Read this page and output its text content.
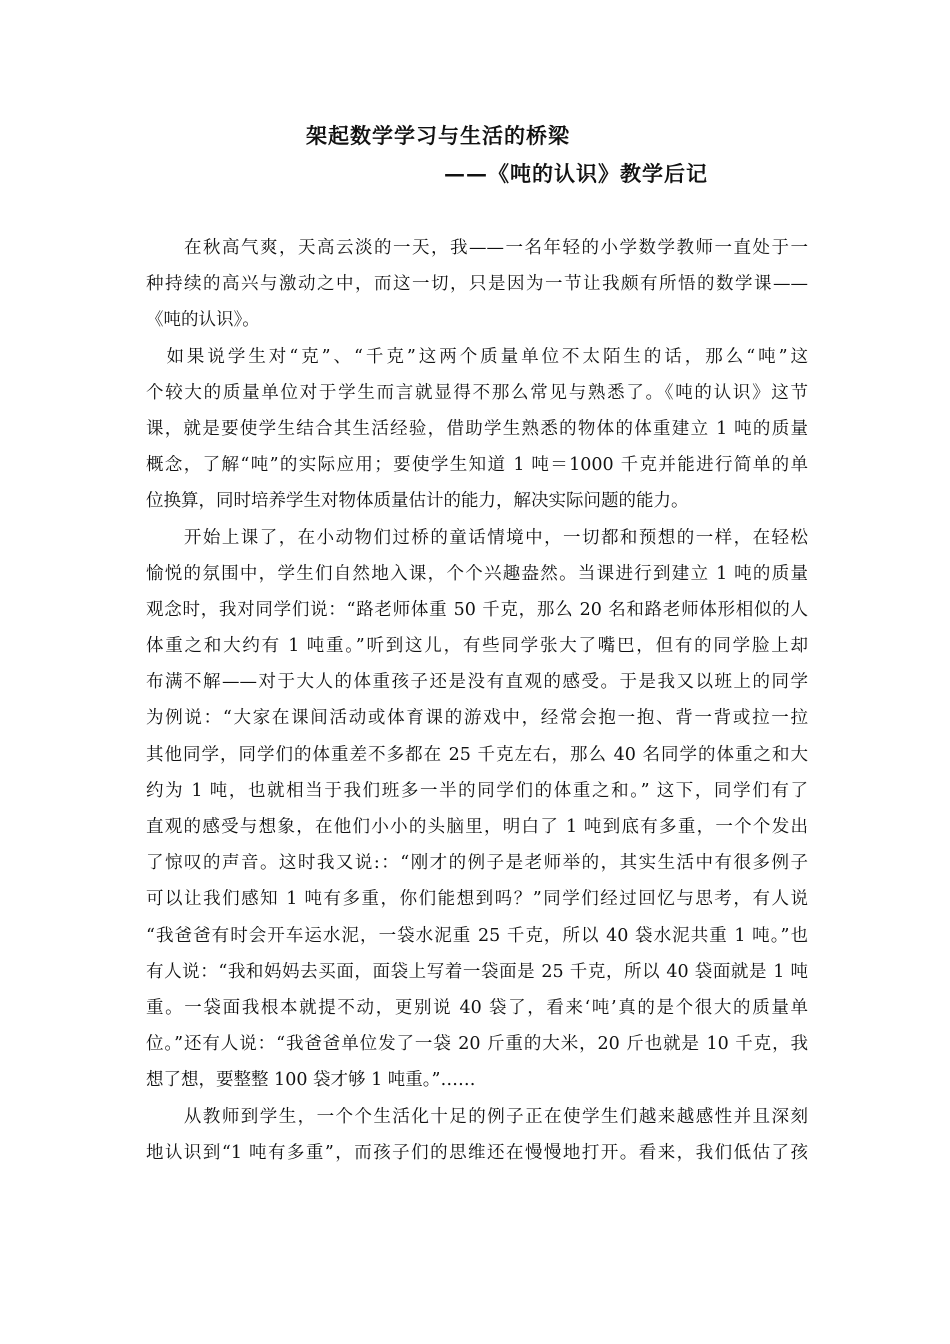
架起数学学习与生活的桥梁
——《吨的认识》教学后记
　　在秋高气爽，天高云淡的一天，我——一名年轻的小学数学教师一直处于一
种持续的高兴与激动之中，而这一切，只是因为一节让我颇有所悟的数学课——
《吨的认识》。
　如果说学生对“克”、“千克”这两个质量单位不太陌生的话，那么“吨”这
个较大的质量单位对于学生而言就显得不那么常见与熟悉了。《吨的认识》这节
课，就是要使学生结合其生活经验，借助学生熟悉的物体的体重建立 1 吨的质量
概念，了解“吨”的实际应用；要使学生知道 1 吨＝1000 千克并能进行简单的单
位换算，同时培养学生对物体质量估计的能力，解决实际问题的能力。
　　开始上课了，在小动物们过桥的童话情境中，一切都和预想的一样，在轻松
愉悦的氛围中，学生们自然地入课，个个兴趣盎然。当课进行到建立 1 吨的质量
观念时，我对同学们说：“路老师体重 50 千克，那么 20 名和路老师体形相似的人
体重之和大约有 1 吨重。”听到这儿，有些同学张大了嘴巴，但有的同学脸上却
布满不解——对于大人的体重孩子还是没有直观的感受。于是我又以班上的同学
为例说：“大家在课间活动或体育课的游戏中，经常会抱一抱、背一背或拉一拉
其他同学，同学们的体重差不多都在 25 千克左右，那么 40 名同学的体重之和大
约为 1 吨，也就相当于我们班多一半的同学们的体重之和。” 这下，同学们有了
直观的感受与想象，在他们小小的头脑里，明白了 1 吨到底有多重，一个个发出
了惊叹的声音。这时我又说:：“刚才的例子是老师举的，其实生活中有很多例子
可以让我们感知 1 吨有多重，你们能想到吗？”同学们经过回忆与思考，有人说
“我爸爸有时会开车运水泥，一袋水泥重 25 千克，所以 40 袋水泥共重 1 吨。”也
有人说：“我和妈妈去买面，面袋上写着一袋面是 25 千克，所以 40 袋面就是 1 吨
重。一袋面我根本就提不动，更别说 40 袋了，看来‘吨’真的是个很大的质量单
位。”还有人说：“我爸爸单位发了一袋 20 斤重的大米，20 斤也就是 10 千克，我
想了想，要整整 100 袋才够 1 吨重。”……
　　从教师到学生，一个个生活化十足的例子正在使学生们越来越感性并且深刻
地认识到“1 吨有多重”，而孩子们的思维还在慢慢地打开。看来，我们低估了孩
